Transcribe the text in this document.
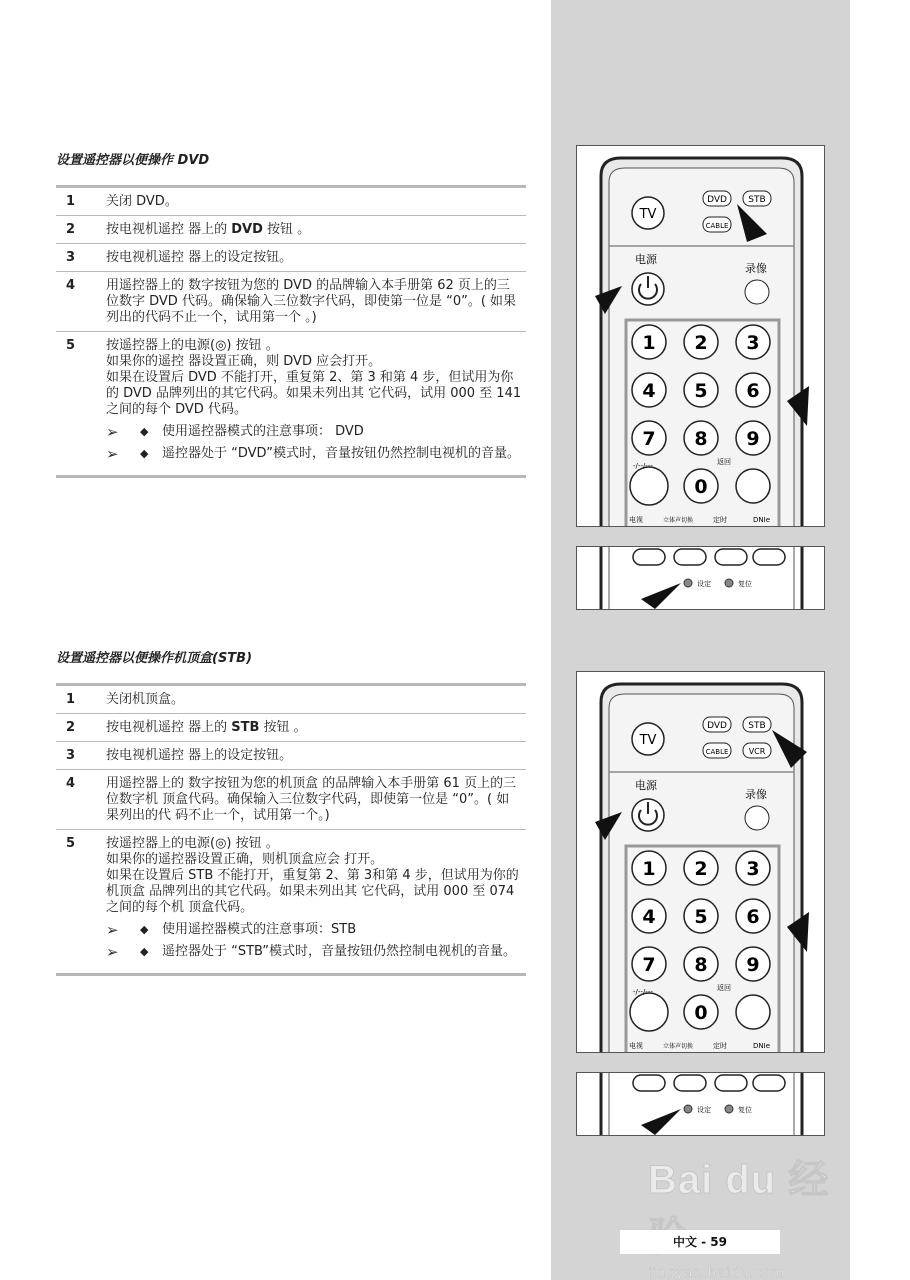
设置遥控器以便操作 DVD
1	关闭 DVD。
2	按电视机遥控 器上的 DVD 按钮 。
3	按电视机遥控 器上的设定按钮。
4	用遥控器上的 数字按钮为您的 DVD 的品牌输入本手册第 62 页上的三位数字 DVD 代码。确保输入三位数字代码，即使第一位是 “0”。( 如果列出的代码不止一个，试用第一个 。)
5	按遥控器上的电源(◎) 按钮 。
如果你的遥控 器设置正确，则 DVD 应会打开。
如果在设置后 DVD 不能打开，重复第 2、第 3 和第 4 步，但试用为你的 DVD 品牌列出的其它代码。如果未列出其 它代码，试用 000 至 141 之间的每个 DVD 代码。
➢	◆	使用遥控器模式的注意事项： DVD
➢	◆	遥控器处于 “DVD”模式时，音量按钮仍然控制电视机的音量。
设置遥控器以便操作机顶盒(STB)
1	关闭机顶盒。
2	按电视机遥控 器上的 STB 按钮 。
3	按电视机遥控 器上的设定按钮。
4	用遥控器上的 数字按钮为您的机顶盒 的品牌输入本手册第 61 页上的三位数字机 顶盒代码。确保输入三位数字代码，即使第一位是 “0”。( 如果列出的代 码不止一个，试用第一个。)
5	按遥控器上的电源(◎) 按钮 。
如果你的遥控器设置正确，则机顶盒应会 打开。
如果在设置后 STB 不能打开，重复第 2、第 3和第 4 步，但试用为你的机顶盒 品牌列出的其它代码。如果未列出其 它代码，试用 000 至 074 之间的每个机 顶盒代码。
➢	◆	使用遥控器模式的注意事项：STB
➢	◆	遥控器处于 “STB”模式时，音量按钮仍然控制电视机的音量。
TV
DVD STB
CABLE
电源
录像
1 2 3
4 5 6
7 8 9
0
-/--/---	返回
电视	立体声切换	定时	DNIe
设定	复位
TV
DVD STB
CABLE	VCR
电源
录像
1 2 3
4 5 6
7 8 9
0
-/--/---	返回
电视	立体声切换	定时	DNIe
设定	复位
Bai du 经
jingyan.baidu.com
中文 - 59
